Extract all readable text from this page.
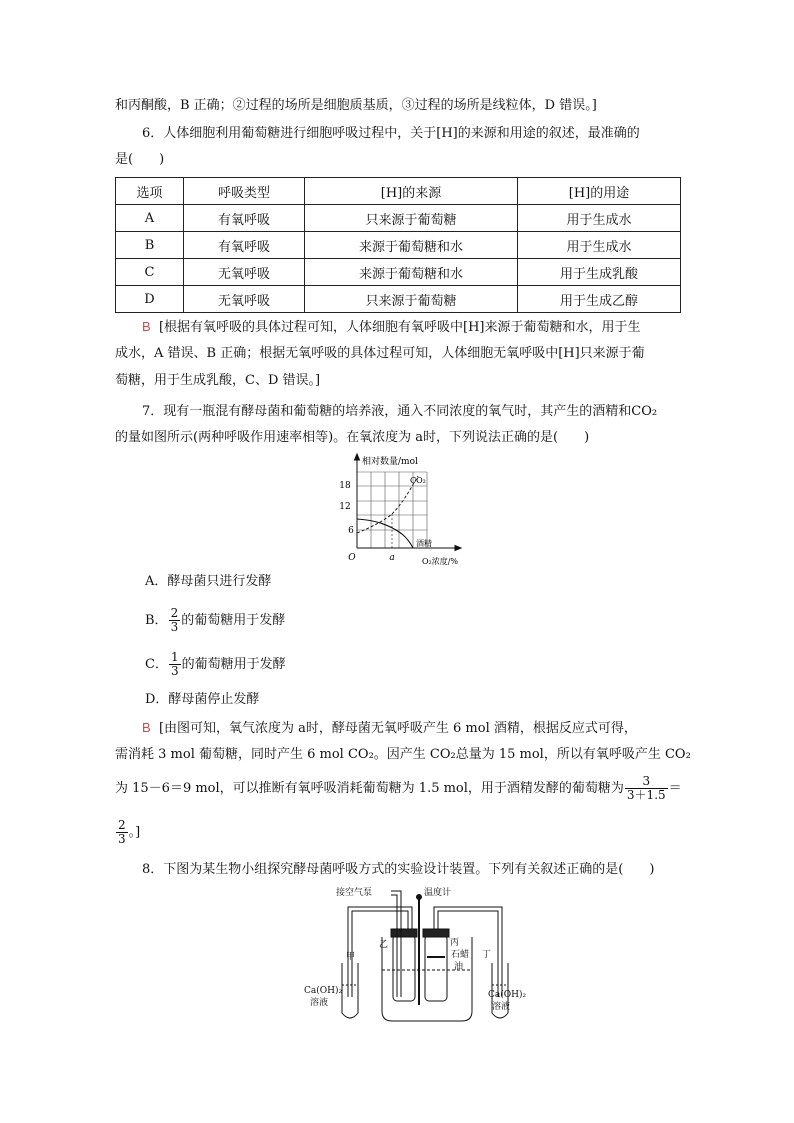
和丙酮酸，B 正确；②过程的场所是细胞质基质，③过程的场所是线粒体，D 错误。]
6．人体细胞利用葡萄糖进行细胞呼吸过程中，关于[H]的来源和用途的叙述，最准确的
是(　　)
选项	呼吸类型	[H]的来源	[H]的用途
A	有氧呼吸	只来源于葡萄糖	用于生成水
B	有氧呼吸	来源于葡萄糖和水	用于生成水
C	无氧呼吸	来源于葡萄糖和水	用于生成乳酸
D	无氧呼吸	只来源于葡萄糖	用于生成乙醇
B [根据有氧呼吸的具体过程可知，人体细胞有氧呼吸中[H]来源于葡萄糖和水，用于生
成水，A 错误、B 正确；根据无氧呼吸的具体过程可知，人体细胞无氧呼吸中[H]只来源于葡
萄糖，用于生成乳酸，C、D 错误。]
7．现有一瓶混有酵母菌和葡萄糖的培养液，通入不同浓度的氧气时，其产生的酒精和CO₂
的量如图所示(两种呼吸作用速率相等)。在氧浓度为 a时，下列说法正确的是(　　)
相对数量/mol
18
12
6
O	a	O₂浓度/%
CO₂
酒精
A．酵母菌只进行发酵
B． $\frac{2}{3}$ 的葡萄糖用于发酵
C． $\frac{1}{3}$ 的葡萄糖用于发酵
D．酵母菌停止发酵
B [由图可知，氧气浓度为 a时，酵母菌无氧呼吸产生 6 mol 酒精，根据反应式可得，
需消耗 3 mol 葡萄糖，同时产生 6 mol CO₂。因产生 CO₂总量为 15 mol，所以有氧呼吸产生 CO₂
为 15－6＝9 mol，可以推断有氧呼吸消耗葡萄糖为 1.5 mol，用于酒精发酵的葡萄糖为 $\frac{3}{3+1.5}$ ＝
$\frac{2}{3}$ 。]
8．下图为某生物小组探究酵母菌呼吸方式的实验设计装置。下列有关叙述正确的是(　　)
接空气泵	温度计
甲
乙	丙
丁
石蜡
油
Ca(OH)₂
溶液
Ca(OH)₂
溶液
